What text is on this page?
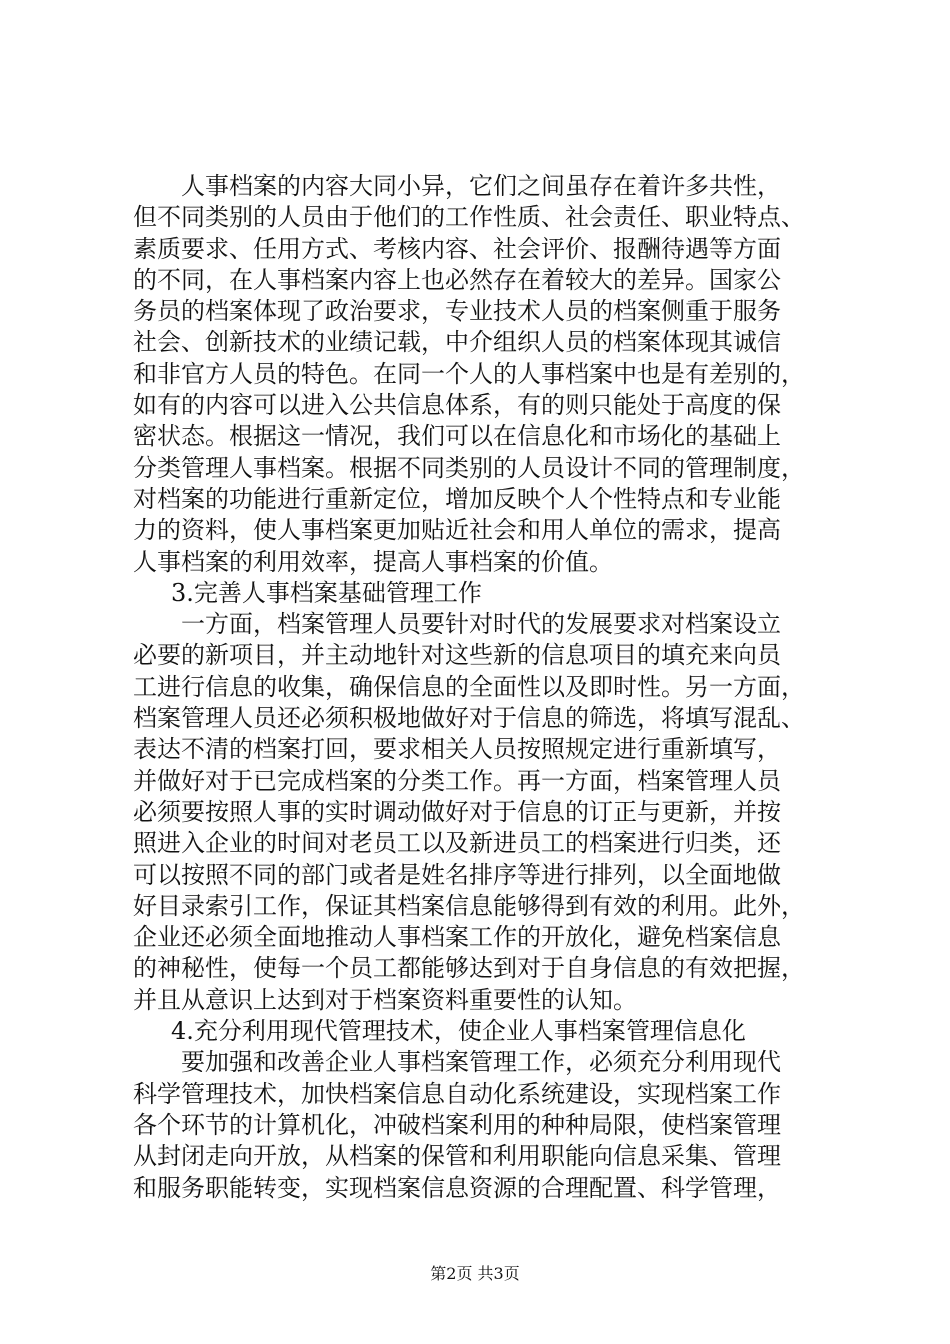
人事档案的内容大同小异，它们之间虽存在着许多共性，
但不同类别的人员由于他们的工作性质、社会责任、职业特点、
素质要求、任用方式、考核内容、社会评价、报酬待遇等方面
的不同，在人事档案内容上也必然存在着较大的差异。国家公
务员的档案体现了政治要求，专业技术人员的档案侧重于服务
社会、创新技术的业绩记载，中介组织人员的档案体现其诚信
和非官方人员的特色。在同一个人的人事档案中也是有差别的，
如有的内容可以进入公共信息体系，有的则只能处于高度的保
密状态。根据这一情况，我们可以在信息化和市场化的基础上
分类管理人事档案。根据不同类别的人员设计不同的管理制度，
对档案的功能进行重新定位，增加反映个人个性特点和专业能
力的资料，使人事档案更加贴近社会和用人单位的需求，提高
人事档案的利用效率，提高人事档案的价值。
3.完善人事档案基础管理工作
一方面，档案管理人员要针对时代的发展要求对档案设立
必要的新项目，并主动地针对这些新的信息项目的填充来向员
工进行信息的收集，确保信息的全面性以及即时性。另一方面，
档案管理人员还必须积极地做好对于信息的筛选，将填写混乱、
表达不清的档案打回，要求相关人员按照规定进行重新填写，
并做好对于已完成档案的分类工作。再一方面，档案管理人员
必须要按照人事的实时调动做好对于信息的订正与更新，并按
照进入企业的时间对老员工以及新进员工的档案进行归类，还
可以按照不同的部门或者是姓名排序等进行排列，以全面地做
好目录索引工作，保证其档案信息能够得到有效的利用。此外，
企业还必须全面地推动人事档案工作的开放化，避免档案信息
的神秘性，使每一个员工都能够达到对于自身信息的有效把握，
并且从意识上达到对于档案资料重要性的认知。
4.充分利用现代管理技术，使企业人事档案管理信息化
要加强和改善企业人事档案管理工作，必须充分利用现代
科学管理技术，加快档案信息自动化系统建设，实现档案工作
各个环节的计算机化，冲破档案利用的种种局限，使档案管理
从封闭走向开放，从档案的保管和利用职能向信息采集、管理
和服务职能转变，实现档案信息资源的合理配置、科学管理，
第2页 共3页
